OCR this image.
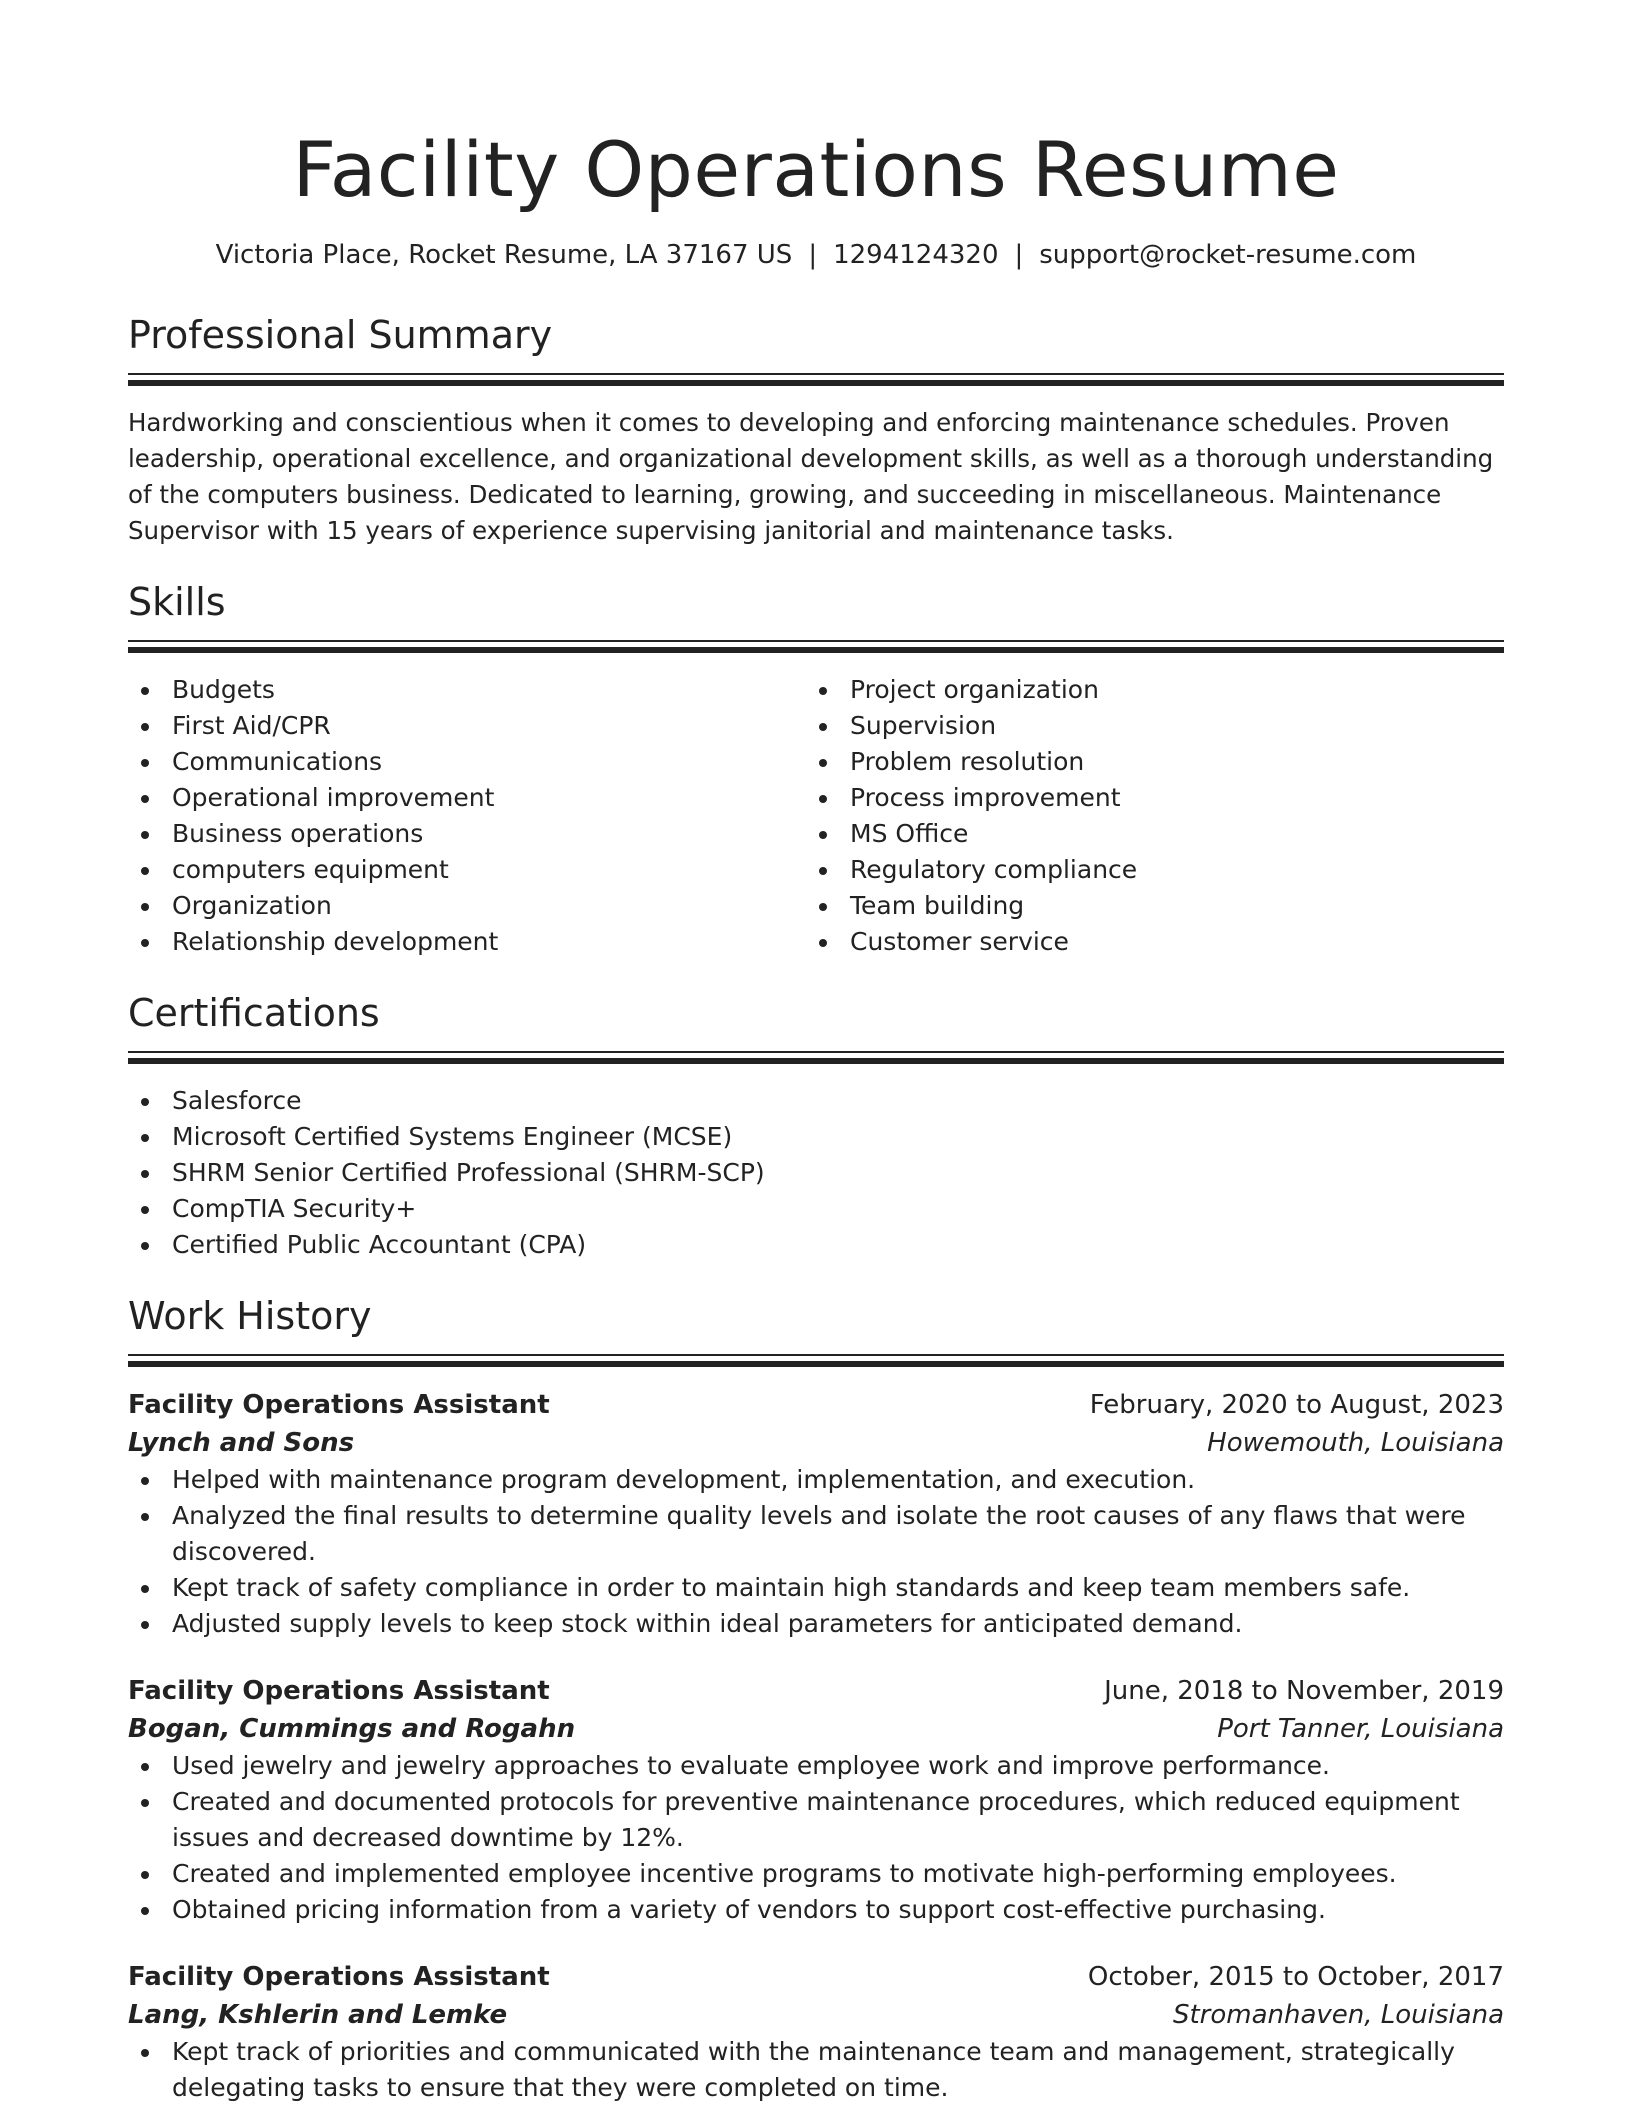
Facility Operations Resume
Victoria Place, Rocket Resume, LA 37167 US | 1294124320 | support@rocket-resume.com
Professional Summary

Hardworking and conscientious when it comes to developing and enforcing maintenance schedules. Proven leadership, operational excellence, and organizational development skills, as well as a thorough understanding of the computers business. Dedicated to learning, growing, and succeeding in miscellaneous. Maintenance Supervisor with 15 years of experience supervising janitorial and maintenance tasks.

Skills
Budgets
First Aid/CPR
Communications
Operational improvement
Business operations
computers equipment
Organization
Relationship development
Project organization
Supervision
Problem resolution
Process improvement
MS Office
Regulatory compliance
Team building
Customer service
Certifications
Salesforce
Microsoft Certified Systems Engineer (MCSE)
SHRM Senior Certified Professional (SHRM-SCP)
CompTIA Security+
Certified Public Accountant (CPA)
Work History
Facility Operations Assistant	February, 2020 to August, 2023
Lynch and Sons	Howemouth, Louisiana
Helped with maintenance program development, implementation, and execution.
Analyzed the final results to determine quality levels and isolate the root causes of any flaws that were discovered.
Kept track of safety compliance in order to maintain high standards and keep team members safe.
Adjusted supply levels to keep stock within ideal parameters for anticipated demand.
Facility Operations Assistant	June, 2018 to November, 2019
Bogan, Cummings and Rogahn	Port Tanner, Louisiana
Used jewelry and jewelry approaches to evaluate employee work and improve performance.
Created and documented protocols for preventive maintenance procedures, which reduced equipment issues and decreased downtime by 12%.
Created and implemented employee incentive programs to motivate high-performing employees.
Obtained pricing information from a variety of vendors to support cost-effective purchasing.
Facility Operations Assistant	October, 2015 to October, 2017
Lang, Kshlerin and Lemke	Stromanhaven, Louisiana
Kept track of priorities and communicated with the maintenance team and management, strategically delegating tasks to ensure that they were completed on time.
